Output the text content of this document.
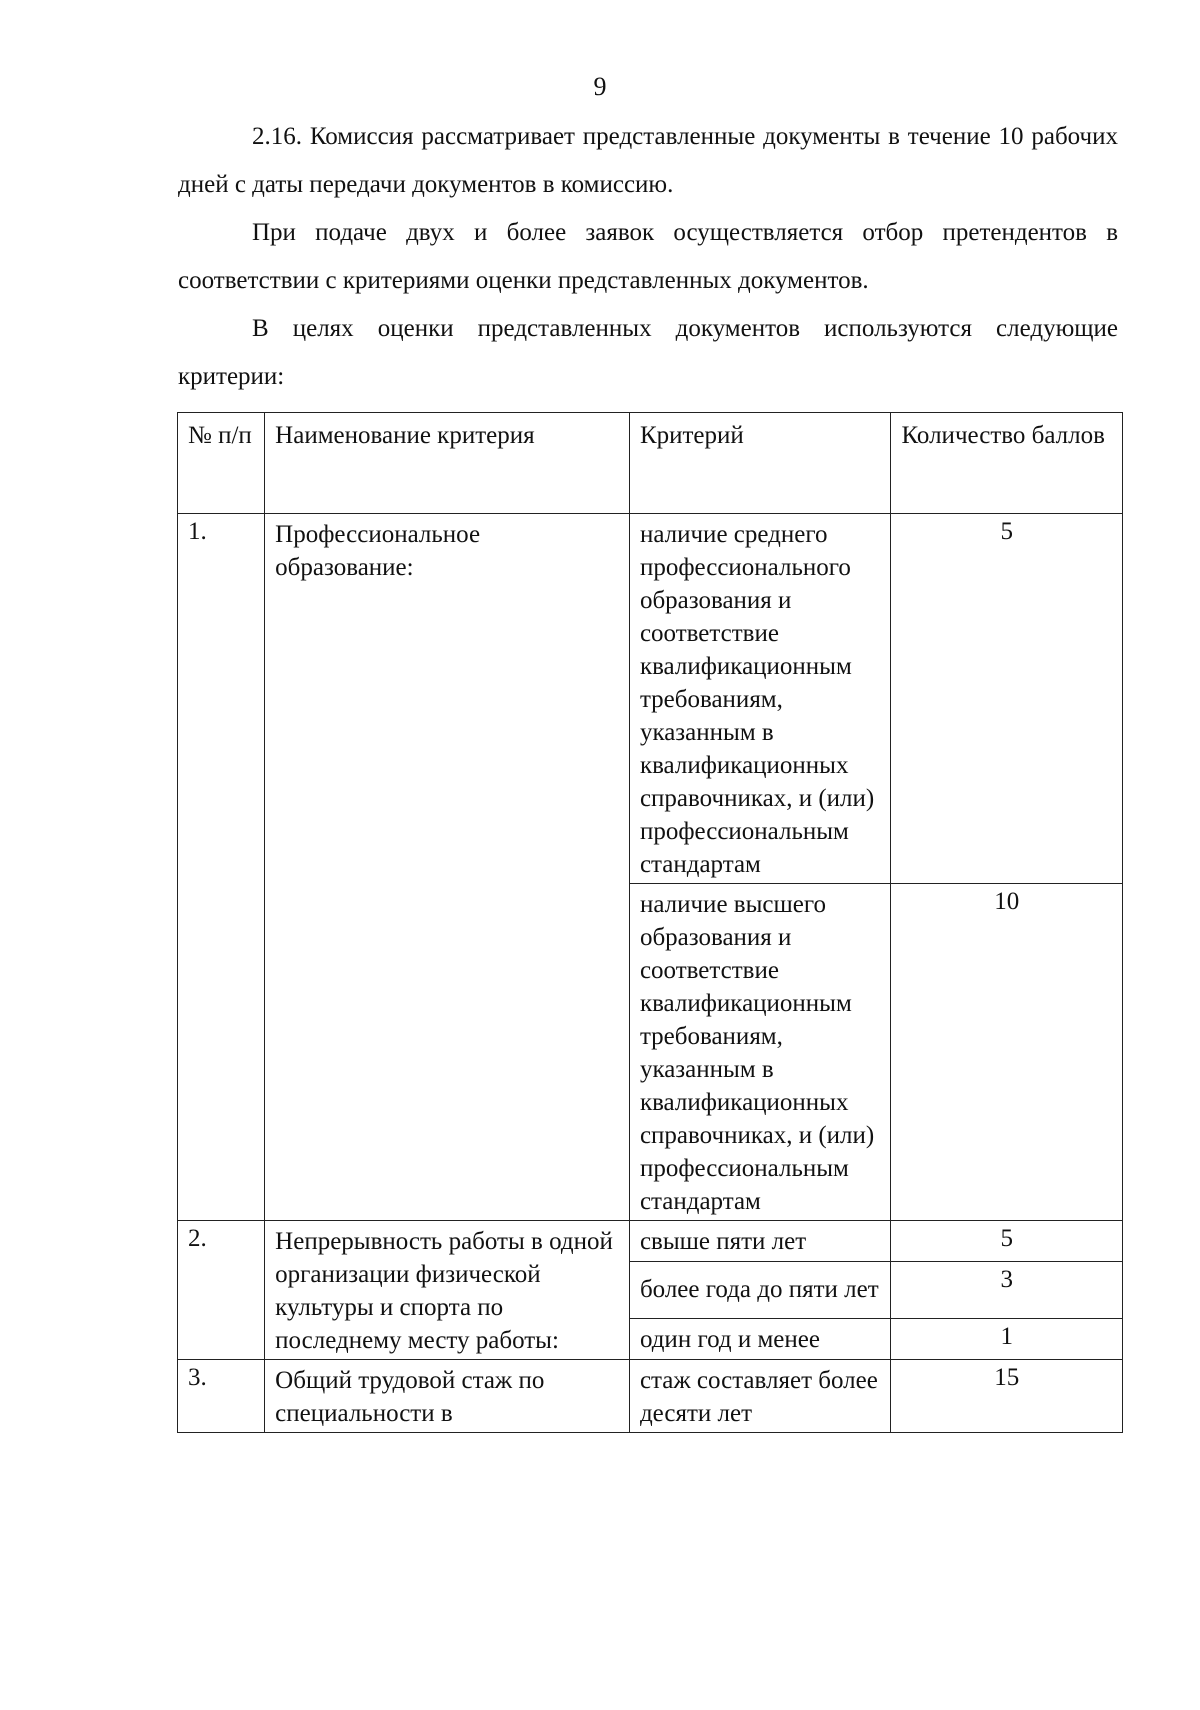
9

2.16. Комиссия рассматривает представленные документы в течение 10 рабочих дней с даты передачи документов в комиссию.

При подаче двух и более заявок осуществляется отбор претендентов в соответствии с критериями оценки представленных документов.

В целях оценки представленных документов используются следующие критерии:

№ п/п	Наименование критерия	Критерий	Количество баллов
1.	Профессиональное образование:	наличие среднего профессионального образования и соответствие квалификационным требованиям, указанным в квалификационных справочниках, и (или) профессиональным стандартам	5
		наличие высшего образования и соответствие квалификационным требованиям, указанным в квалификационных справочниках, и (или) профессиональным стандартам	10
2.	Непрерывность работы в одной организации физической культуры и спорта по последнему месту работы:	свыше пяти лет	5
		более года до пяти лет	3
		один год и менее	1
3.	Общий трудовой стаж по специальности в	стаж составляет более десяти лет	15
